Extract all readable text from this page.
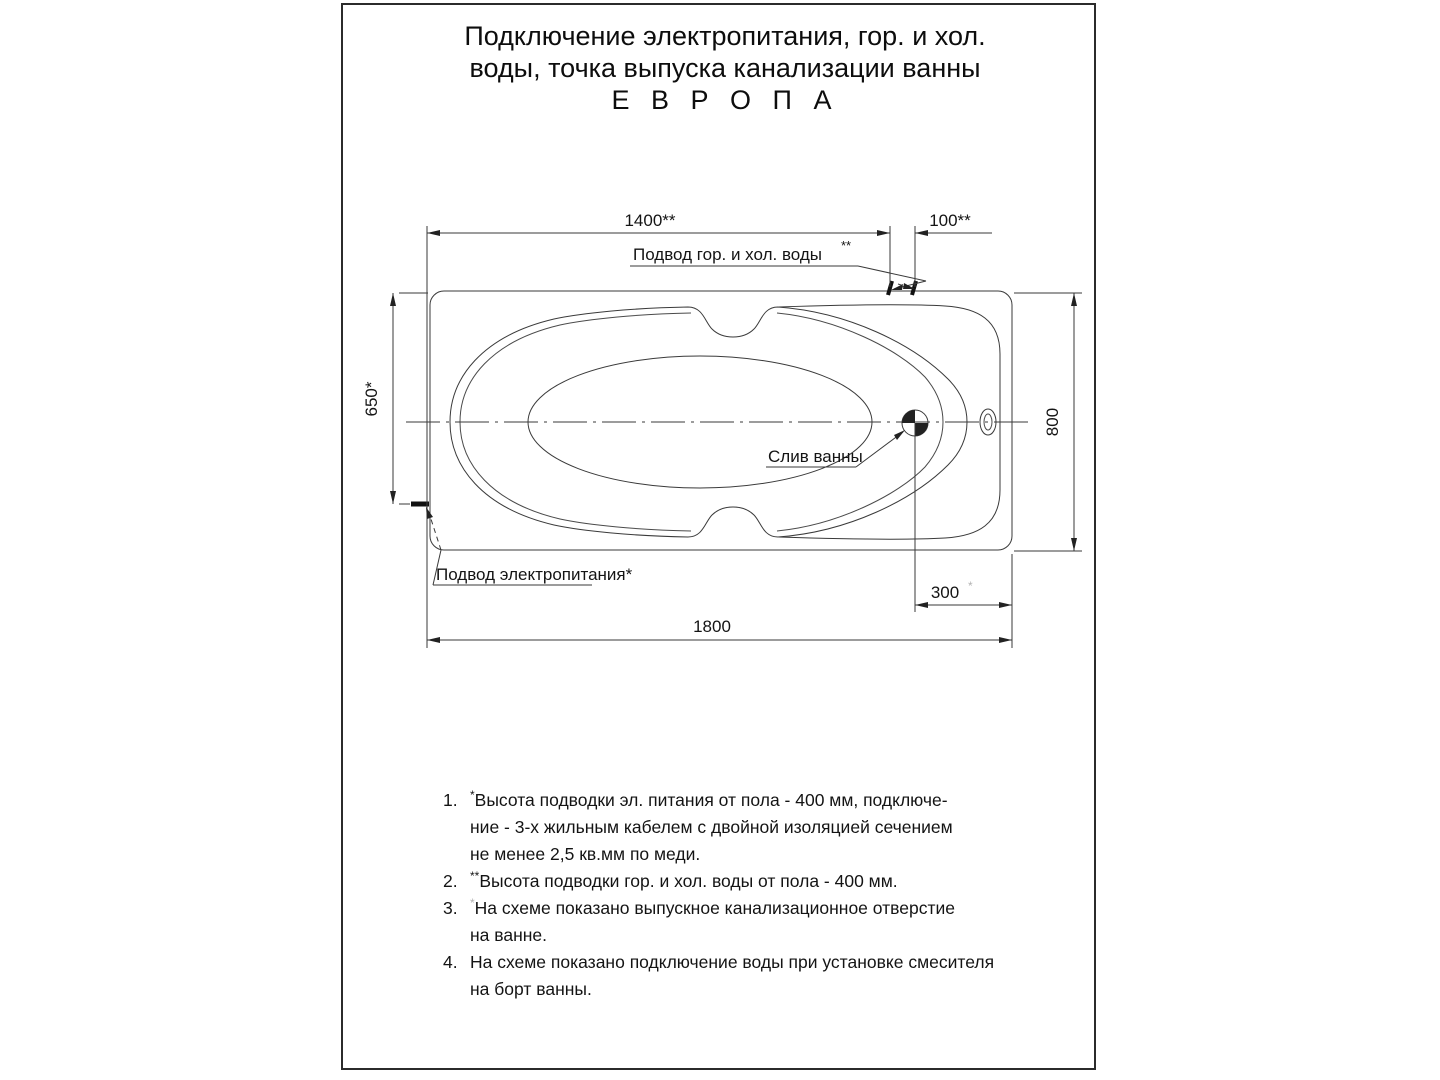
Подключение электропитания, гор. и хол.
воды, точка выпуска канализации ванны
Е В Р О П А
1400**	100**
650*
800
300 *
1800
Подвод гор. и хол. воды **
Слив ванны
Подвод электропитания*
1.	*Высота подводки эл. питания от пола - 400 мм, подключе-
ние - 3-х жильным кабелем с двойной изоляцией сечением
не менее 2,5 кв.мм по меди.
2.	**Высота подводки гор. и хол. воды от пола - 400 мм.
3.	*На схеме показано выпускное канализационное отверстие
на ванне.
4. На схеме показано подключение воды при установке смесителя
на борт ванны.
